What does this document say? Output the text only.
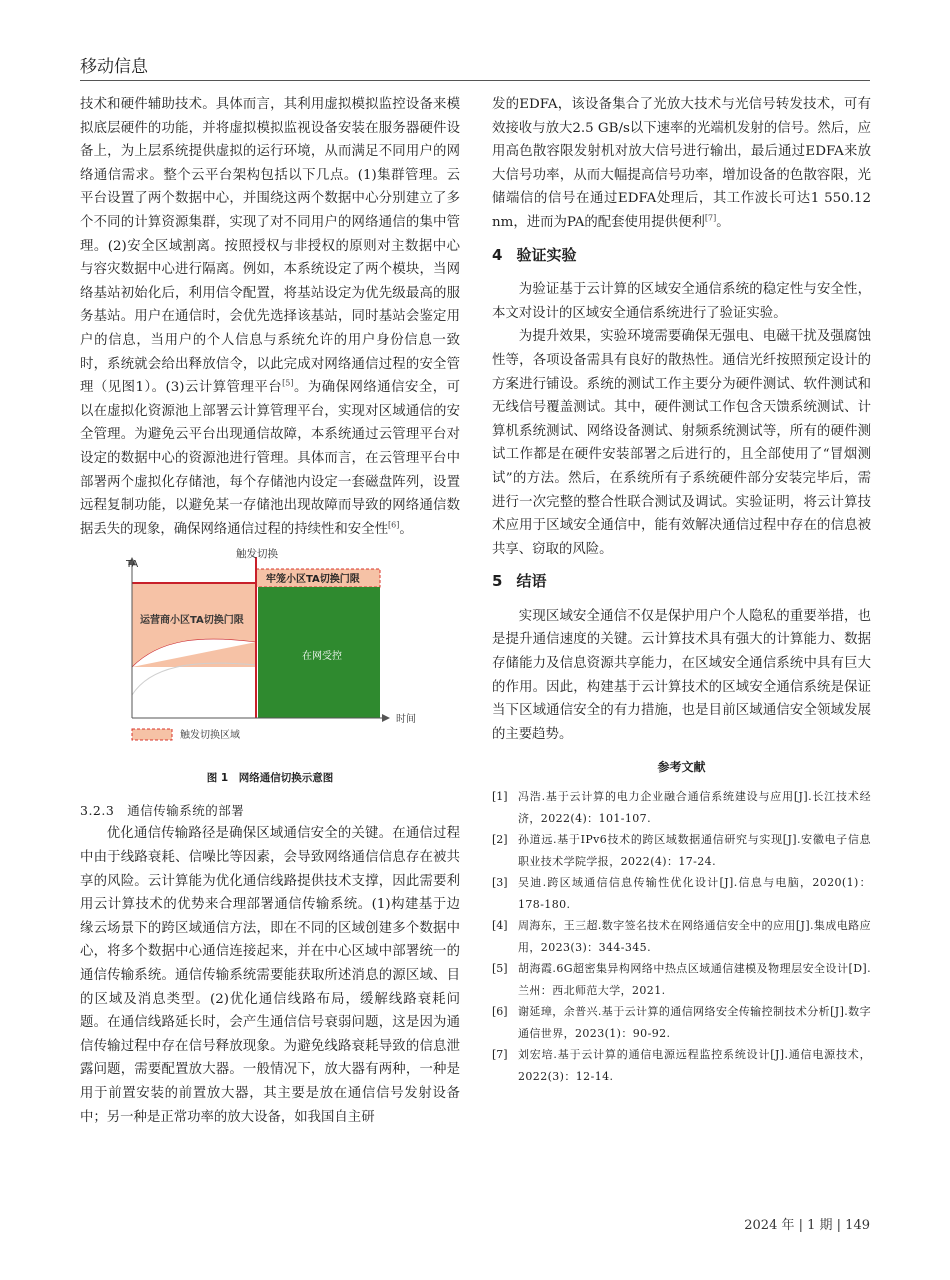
移动信息

技术和硬件辅助技术。具体而言，其利用虚拟模拟监控设备来模拟底层硬件的功能，并将虚拟模拟监视设备安装在服务器硬件设备上，为上层系统提供虚拟的运行环境，从而满足不同用户的网络通信需求。整个云平台架构包括以下几点。(1)集群管理。云平台设置了两个数据中心，并围绕这两个数据中心分别建立了多个不同的计算资源集群，实现了对不同用户的网络通信的集中管理。(2)安全区域割离。按照授权与非授权的原则对主数据中心与容灾数据中心进行隔离。例如，本系统设定了两个模块，当网络基站初始化后，利用信令配置，将基站设定为优先级最高的服务基站。用户在通信时，会优先选择该基站，同时基站会鉴定用户的信息，当用户的个人信息与系统允许的用户身份信息一致时，系统就会给出释放信令，以此完成对网络通信过程的安全管理（见图1）。(3)云计算管理平台[5]。为确保网络通信安全，可以在虚拟化资源池上部署云计算管理平台，实现对区域通信的安全管理。为避免云平台出现通信故障，本系统通过云管理平台对设定的数据中心的资源池进行管理。具体而言，在云管理平台中部署两个虚拟化存储池，每个存储池内设定一套磁盘阵列，设置远程复制功能，以避免某一存储池出现故障而导致的网络通信数据丢失的现象，确保网络通信过程的持续性和安全性[6]。

触发切换
TA
时间
牢笼小区TA切换门限
运营商小区TA切换门限
在网受控
触发切换区域
图 1　网络通信切换示意图
3.2.3　通信传输系统的部署

优化通信传输路径是确保区域通信安全的关键。在通信过程中由于线路衰耗、信噪比等因素，会导致网络通信信息存在被共享的风险。云计算能为优化通信线路提供技术支撑，因此需要利用云计算技术的优势来合理部署通信传输系统。(1)构建基于边缘云场景下的跨区域通信方法，即在不同的区域创建多个数据中心，将多个数据中心通信连接起来，并在中心区域中部署统一的通信传输系统。通信传输系统需要能获取所述消息的源区域、目的区域及消息类型。(2)优化通信线路布局，缓解线路衰耗问题。在通信线路延长时，会产生通信信号衰弱问题，这是因为通信传输过程中存在信号释放现象。为避免线路衰耗导致的信息泄露问题，需要配置放大器。一般情况下，放大器有两种，一种是用于前置安装的前置放大器，其主要是放在通信信号发射设备中；另一种是正常功率的放大设备，如我国自主研

发的EDFA，该设备集合了光放大技术与光信号转发技术，可有效接收与放大2.5 GB/s以下速率的光端机发射的信号。然后，应用高色散容限发射机对放大信号进行输出，最后通过EDFA来放大信号功率，从而大幅提高信号功率，增加设备的色散容限，光储端信的信号在通过EDFA处理后，其工作波长可达1 550.12 nm，进而为PA的配套使用提供便利[7]。

4 验证实验

为验证基于云计算的区域安全通信系统的稳定性与安全性，本文对设计的区域安全通信系统进行了验证实验。

为提升效果，实验环境需要确保无强电、电磁干扰及强腐蚀性等，各项设备需具有良好的散热性。通信光纤按照预定设计的方案进行铺设。系统的测试工作主要分为硬件测试、软件测试和无线信号覆盖测试。其中，硬件测试工作包含天馈系统测试、计算机系统测试、网络设备测试、射频系统测试等，所有的硬件测试工作都是在硬件安装部署之后进行的，且全部使用了“冒烟测试”的方法。然后，在系统所有子系统硬件部分安装完毕后，需进行一次完整的整合性联合测试及调试。实验证明，将云计算技术应用于区域安全通信中，能有效解决通信过程中存在的信息被共享、窃取的风险。

5 结语

实现区域安全通信不仅是保护用户个人隐私的重要举措，也是提升通信速度的关键。云计算技术具有强大的计算能力、数据存储能力及信息资源共享能力，在区域安全通信系统中具有巨大的作用。因此，构建基于云计算技术的区域安全通信系统是保证当下区域通信安全的有力措施，也是目前区域通信安全领域发展的主要趋势。

参考文献
[1] 冯浩.基于云计算的电力企业融合通信系统建设与应用[J].长江技术经济，2022(4)：101-107.
[2] 孙道远.基于IPv6技术的跨区域数据通信研究与实现[J].安徽电子信息职业技术学院学报，2022(4)：17-24.
[3] 吴迪.跨区域通信信息传输性优化设计[J].信息与电脑，2020(1)：178-180.
[4] 周海东，王三超.数字签名技术在网络通信安全中的应用[J].集成电路应用，2023(3)：344-345.
[5] 胡海霞.6G超密集异构网络中热点区域通信建模及物理层安全设计[D].兰州：西北师范大学，2021.
[6] 谢延璋，余普兴.基于云计算的通信网络安全传输控制技术分析[J].数字通信世界，2023(1)：90-92.
[7] 刘宏培.基于云计算的通信电源远程监控系统设计[J].通信电源技术，2022(3)：12-14.
2024 年 | 1 期 | 149
